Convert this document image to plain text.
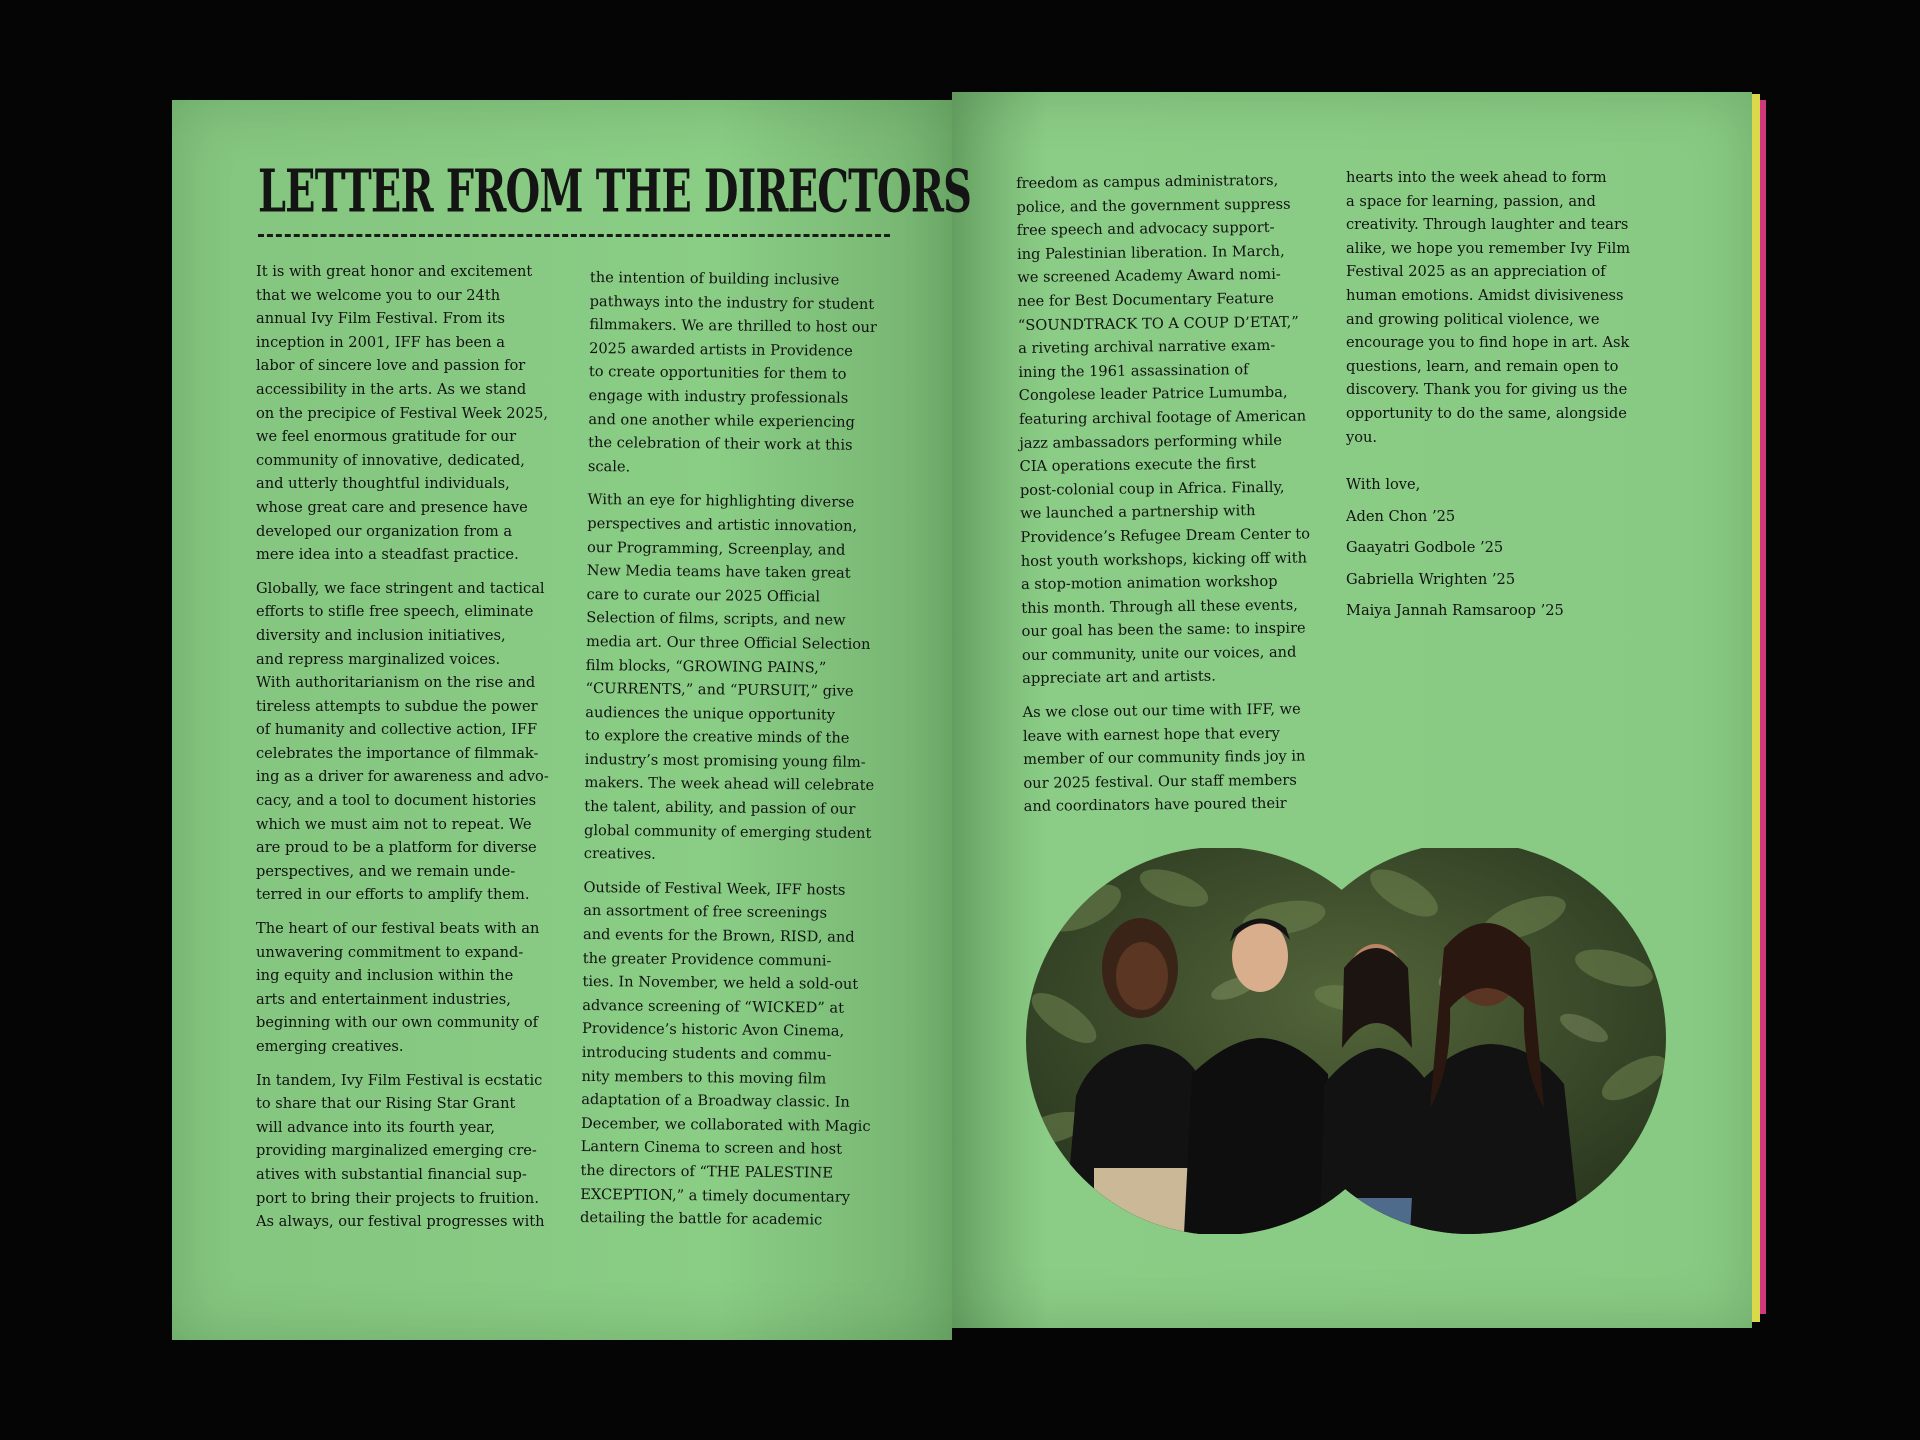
LETTER FROM THE DIRECTORS

It is with great honor and excitement
that we welcome you to our 24th
annual Ivy Film Festival. From its
inception in 2001, IFF has been a
labor of sincere love and passion for
accessibility in the arts. As we stand
on the precipice of Festival Week 2025,
we feel enormous gratitude for our
community of innovative, dedicated,
and utterly thoughtful individuals,
whose great care and presence have
developed our organization from a
mere idea into a steadfast practice.

Globally, we face stringent and tactical
efforts to stifle free speech, eliminate
diversity and inclusion initiatives,
and repress marginalized voices.
With authoritarianism on the rise and
tireless attempts to subdue the power
of humanity and collective action, IFF
celebrates the importance of filmmak-
ing as a driver for awareness and advo-
cacy, and a tool to document histories
which we must aim not to repeat. We
are proud to be a platform for diverse
perspectives, and we remain unde-
terred in our efforts to amplify them.

The heart of our festival beats with an
unwavering commitment to expand-
ing equity and inclusion within the
arts and entertainment industries,
beginning with our own community of
emerging creatives.

In tandem, Ivy Film Festival is ecstatic
to share that our Rising Star Grant
will advance into its fourth year,
providing marginalized emerging cre-
atives with substantial financial sup-
port to bring their projects to fruition.
As always, our festival progresses with

the intention of building inclusive
pathways into the industry for student
filmmakers. We are thrilled to host our
2025 awarded artists in Providence
to create opportunities for them to
engage with industry professionals
and one another while experiencing
the celebration of their work at this
scale.

With an eye for highlighting diverse
perspectives and artistic innovation,
our Programming, Screenplay, and
New Media teams have taken great
care to curate our 2025 Official
Selection of films, scripts, and new
media art. Our three Official Selection
film blocks, “GROWING PAINS,”
“CURRENTS,” and “PURSUIT,” give
audiences the unique opportunity
to explore the creative minds of the
industry’s most promising young film-
makers. The week ahead will celebrate
the talent, ability, and passion of our
global community of emerging student
creatives.

Outside of Festival Week, IFF hosts
an assortment of free screenings
and events for the Brown, RISD, and
the greater Providence communi-
ties. In November, we held a sold-out
advance screening of “WICKED” at
Providence’s historic Avon Cinema,
introducing students and commu-
nity members to this moving film
adaptation of a Broadway classic. In
December, we collaborated with Magic
Lantern Cinema to screen and host
the directors of “THE PALESTINE
EXCEPTION,” a timely documentary
detailing the battle for academic

freedom as campus administrators,
police, and the government suppress
free speech and advocacy support-
ing Palestinian liberation. In March,
we screened Academy Award nomi-
nee for Best Documentary Feature
“SOUNDTRACK TO A COUP D’ETAT,”
a riveting archival narrative exam-
ining the 1961 assassination of
Congolese leader Patrice Lumumba,
featuring archival footage of American
jazz ambassadors performing while
CIA operations execute the first
post-colonial coup in Africa. Finally,
we launched a partnership with
Providence’s Refugee Dream Center to
host youth workshops, kicking off with
a stop-motion animation workshop
this month. Through all these events,
our goal has been the same: to inspire
our community, unite our voices, and
appreciate art and artists.

As we close out our time with IFF, we
leave with earnest hope that every
member of our community finds joy in
our 2025 festival. Our staff members
and coordinators have poured their

hearts into the week ahead to form
a space for learning, passion, and
creativity. Through laughter and tears
alike, we hope you remember Ivy Film
Festival 2025 as an appreciation of
human emotions. Amidst divisiveness
and growing political violence, we
encourage you to find hope in art. Ask
questions, learn, and remain open to
discovery. Thank you for giving us the
opportunity to do the same, alongside
you.

With love,
Aden Chon ’25
Gaayatri Godbole ’25
Gabriella Wrighten ’25
Maiya Jannah Ramsaroop ’25
